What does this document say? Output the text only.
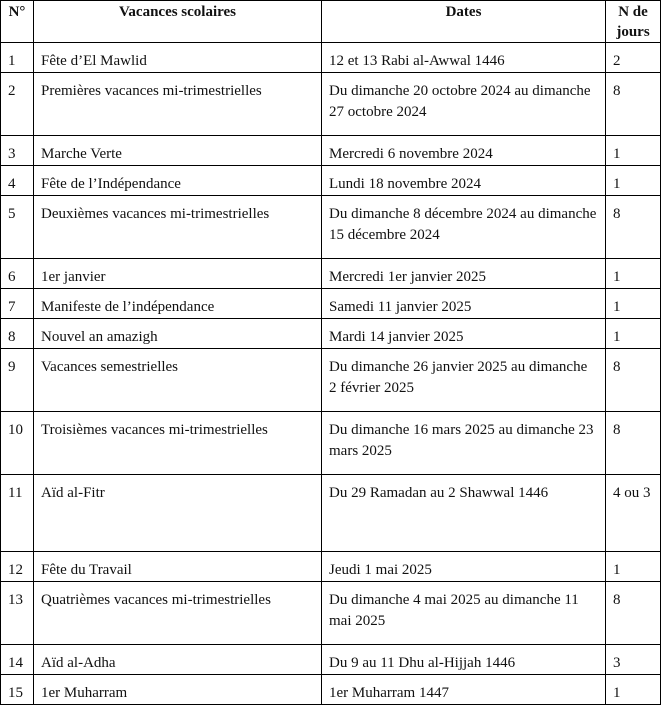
N°	Vacances scolaires	Dates	N de jours
1	Fête d’El Mawlid	12 et 13 Rabi al-Awwal 1446	2
2	Premières vacances mi-trimestrielles	Du dimanche 20 octobre 2024 au dimanche 27 octobre 2024	8
3	Marche Verte	Mercredi 6 novembre 2024	1
4	Fête de l’Indépendance	Lundi 18 novembre 2024	1
5	Deuxièmes vacances mi-trimestrielles	Du dimanche 8 décembre 2024 au dimanche 15 décembre 2024	8
6	1er janvier	Mercredi 1er janvier 2025	1
7	Manifeste de l’indépendance	Samedi 11 janvier 2025	1
8	Nouvel an amazigh	Mardi 14 janvier 2025	1
9	Vacances semestrielles	Du dimanche 26 janvier 2025 au dimanche 2 février 2025	8
10	Troisièmes vacances mi-trimestrielles	Du dimanche 16 mars 2025 au dimanche 23 mars 2025	8
11	Aïd al-Fitr	Du 29 Ramadan au 2 Shawwal 1446	4 ou 3
12	Fête du Travail	Jeudi 1 mai 2025	1
13	Quatrièmes vacances mi-trimestrielles	Du dimanche 4 mai 2025 au dimanche 11 mai 2025	8
14	Aïd al-Adha	Du 9 au 11 Dhu al-Hijjah 1446	3
15	1er Muharram	1er Muharram 1447	1
